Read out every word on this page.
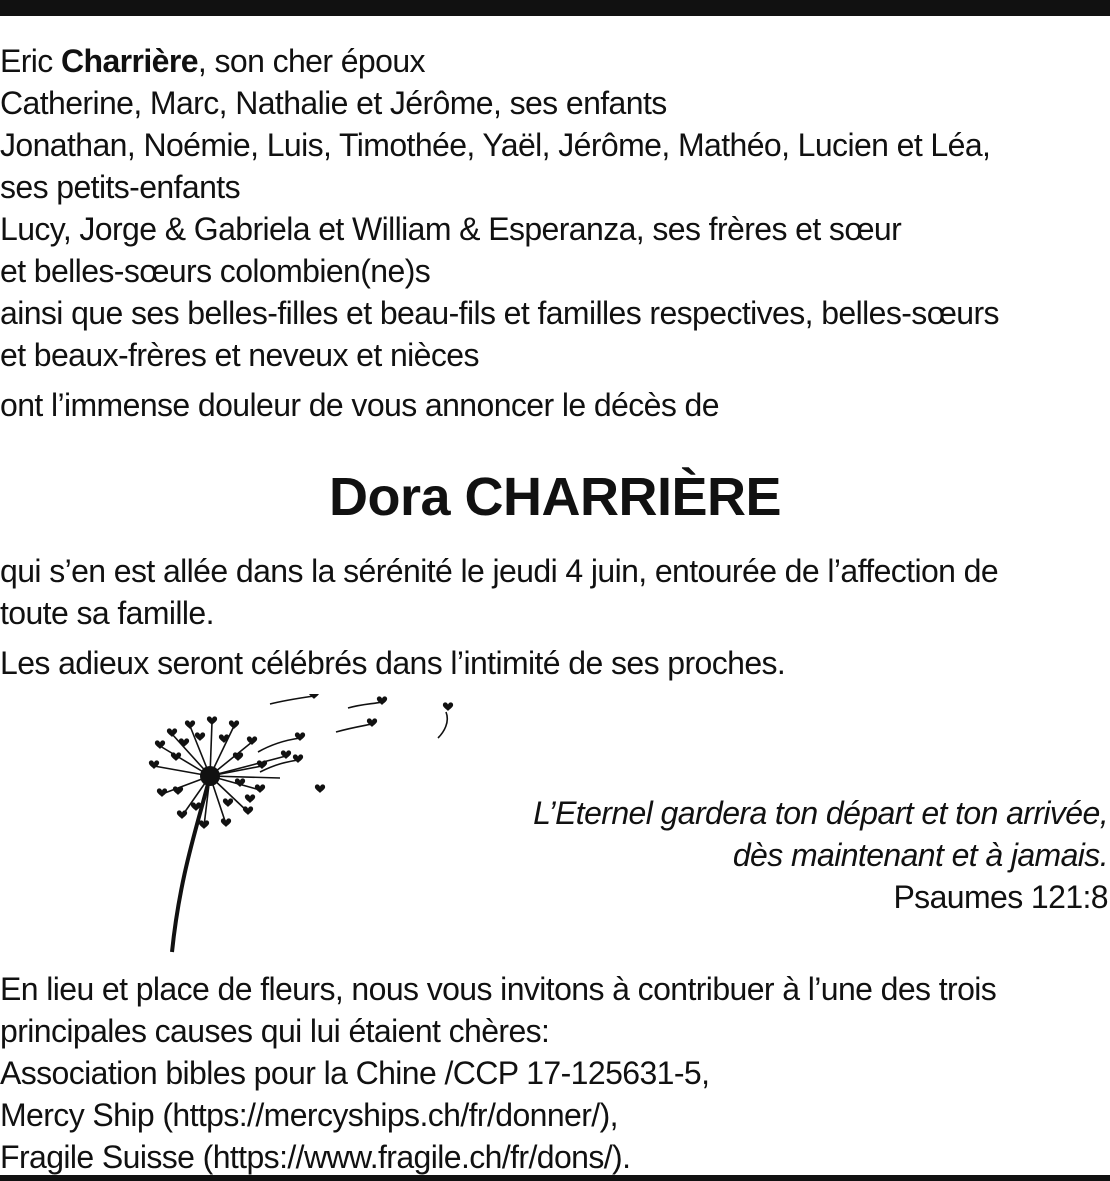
Eric Charrière, son cher époux
Catherine, Marc, Nathalie et Jérôme, ses enfants
Jonathan, Noémie, Luis, Timothée, Yaël, Jérôme, Mathéo, Lucien et Léa,
ses petits-enfants
Lucy, Jorge & Gabriela et William & Esperanza, ses frères et sœur
et belles-sœurs colombien(ne)s
ainsi que ses belles-filles et beau-fils et familles respectives, belles-sœurs
et beaux-frères et neveux et nièces
ont l’immense douleur de vous annoncer le décès de
Dora CHARRIÈRE
qui s’en est allée dans la sérénité le jeudi 4 juin, entourée de l’affection de
toute sa famille.
Les adieux seront célébrés dans l’intimité de ses proches.
L’Eternel gardera ton départ et ton arrivée,
dès maintenant et à jamais.
Psaumes 121:8
En lieu et place de fleurs, nous vous invitons à contribuer à l’une des trois
principales causes qui lui étaient chères:
Association bibles pour la Chine /CCP 17-125631-5,
Mercy Ship (https://mercyships.ch/fr/donner/),
Fragile Suisse (https://www.fragile.ch/fr/dons/).
